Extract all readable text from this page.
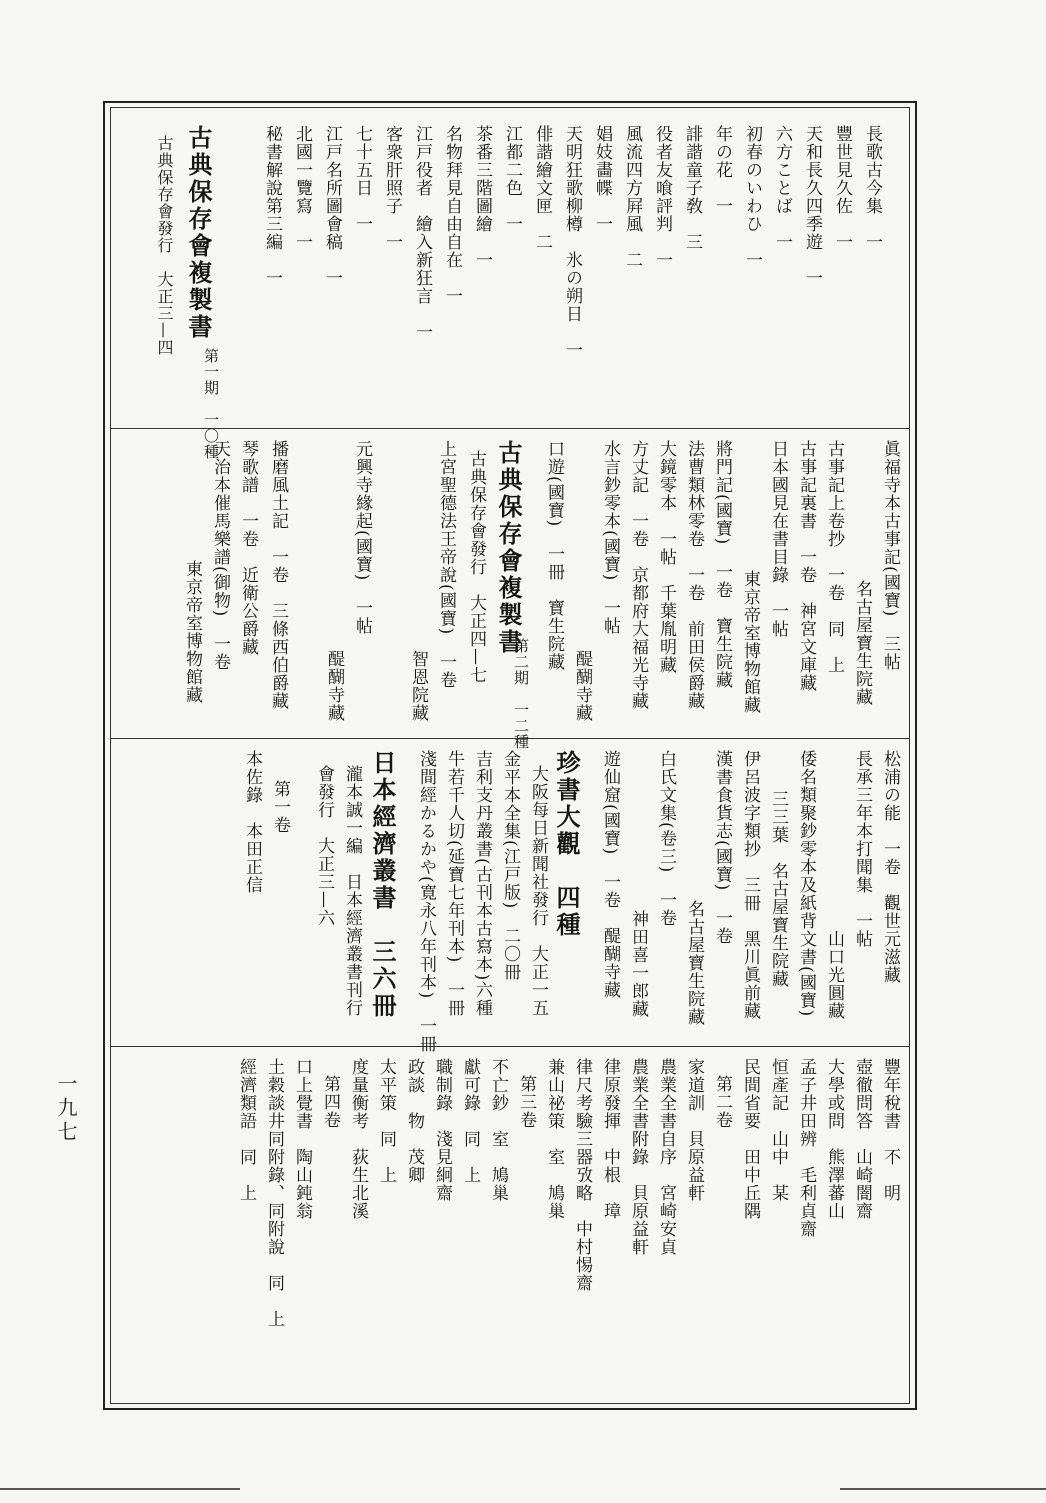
長歌古今集　一
豐世見久佐　一
天和長久四季遊　一
六方ことば　一
初春のいわひ　一
年の花　一
誹諧童子敎　三
役者友喰評判　一
風流四方屛風　二
娼妓畵幉　一
天明狂歌柳樽　氷の朔日　一
俳諧繪文匣　二
江都二色　一
茶番三階圖繪　一
名物拜見自由自在　一
江戸役者　繪入新狂言　一
客衆肝照子　一
七十五日　一
江戸名所圖會稿　一
北國一覽寫　一
秘書解說第三編　一
古典保存會複製書
第一期　一〇種
古典保存會發行　大正三—四
眞福寺本古事記(國寶)　三帖
名古屋寶生院藏
古事記上卷抄　一卷　同　上
古事記裏書　一卷　神宮文庫藏
日本國見在書目錄　一帖
東京帝室博物館藏
將門記(國寶)　一卷　寶生院藏
法曹類林零卷　一卷　前田侯爵藏
大鏡零本　一帖　千葉胤明藏
方丈記　一卷　京都府大福光寺藏
水言鈔零本(國寶)　一帖
醍醐寺藏
口遊(國寶)　一冊　寶生院藏
古典保存會複製書
第二期　一二種
古典保存會發行　大正四—七
上宮聖德法王帝說(國寶)　一卷
智恩院藏
元興寺緣起(國寶)　一帖
醍醐寺藏
播磨風土記　一卷　三條西伯爵藏
琴歌譜　一卷　近衛公爵藏
天治本催馬樂譜(御物)　一卷
東京帝室博物館藏
松浦の能　一卷　觀世元滋藏
長承三年本打聞集　一帖
山口光圓藏
倭名類聚鈔零本及紙背文書(國寶)
三三葉　名古屋寶生院藏
伊呂波字類抄　三冊　黑川眞前藏
漢書食貨志(國寶)　一卷
名古屋寶生院藏
白氏文集(卷三)　一卷
神田喜一郎藏
遊仙窟(國寶)　一卷　醍醐寺藏
珍書大觀　四種
大阪每日新聞社發行　大正一五
金平本全集(江戸版)　二〇冊
吉利支丹叢書(古刊本古寫本)六種
牛若千人切(延寶七年刊本)　一冊
淺間經かるかや(寛永八年刊本)　一冊
日本經濟叢書　三六冊
瀧本誠一編　日本經濟叢書刊行
會發行　大正三—六
第一卷
本佐錄　本田正信
豐年稅書　不　明
壺徹問答　山崎闇齋
大學或問　熊澤蕃山
孟子井田辨　毛利貞齋
恒產記　山中　某
民間省要　田中丘隅
第二卷
家道訓　貝原益軒
農業全書自序　宮崎安貞
農業全書附錄　貝原益軒
律原發揮　中根　璋
律尺考驗三器攷略　中村惕齋
兼山祕策　室　鳩巢
第三卷
不亡鈔　室　鳩巢
獻可錄　同　上
職制錄　淺見絅齋
政談　物　茂卿
太平策　同　上
度量衡考　荻生北溪
第四卷
口上覺書　陶山鈍翁
土穀談井同附錄、同附說　同　上
經濟類語　同　上
一九七
